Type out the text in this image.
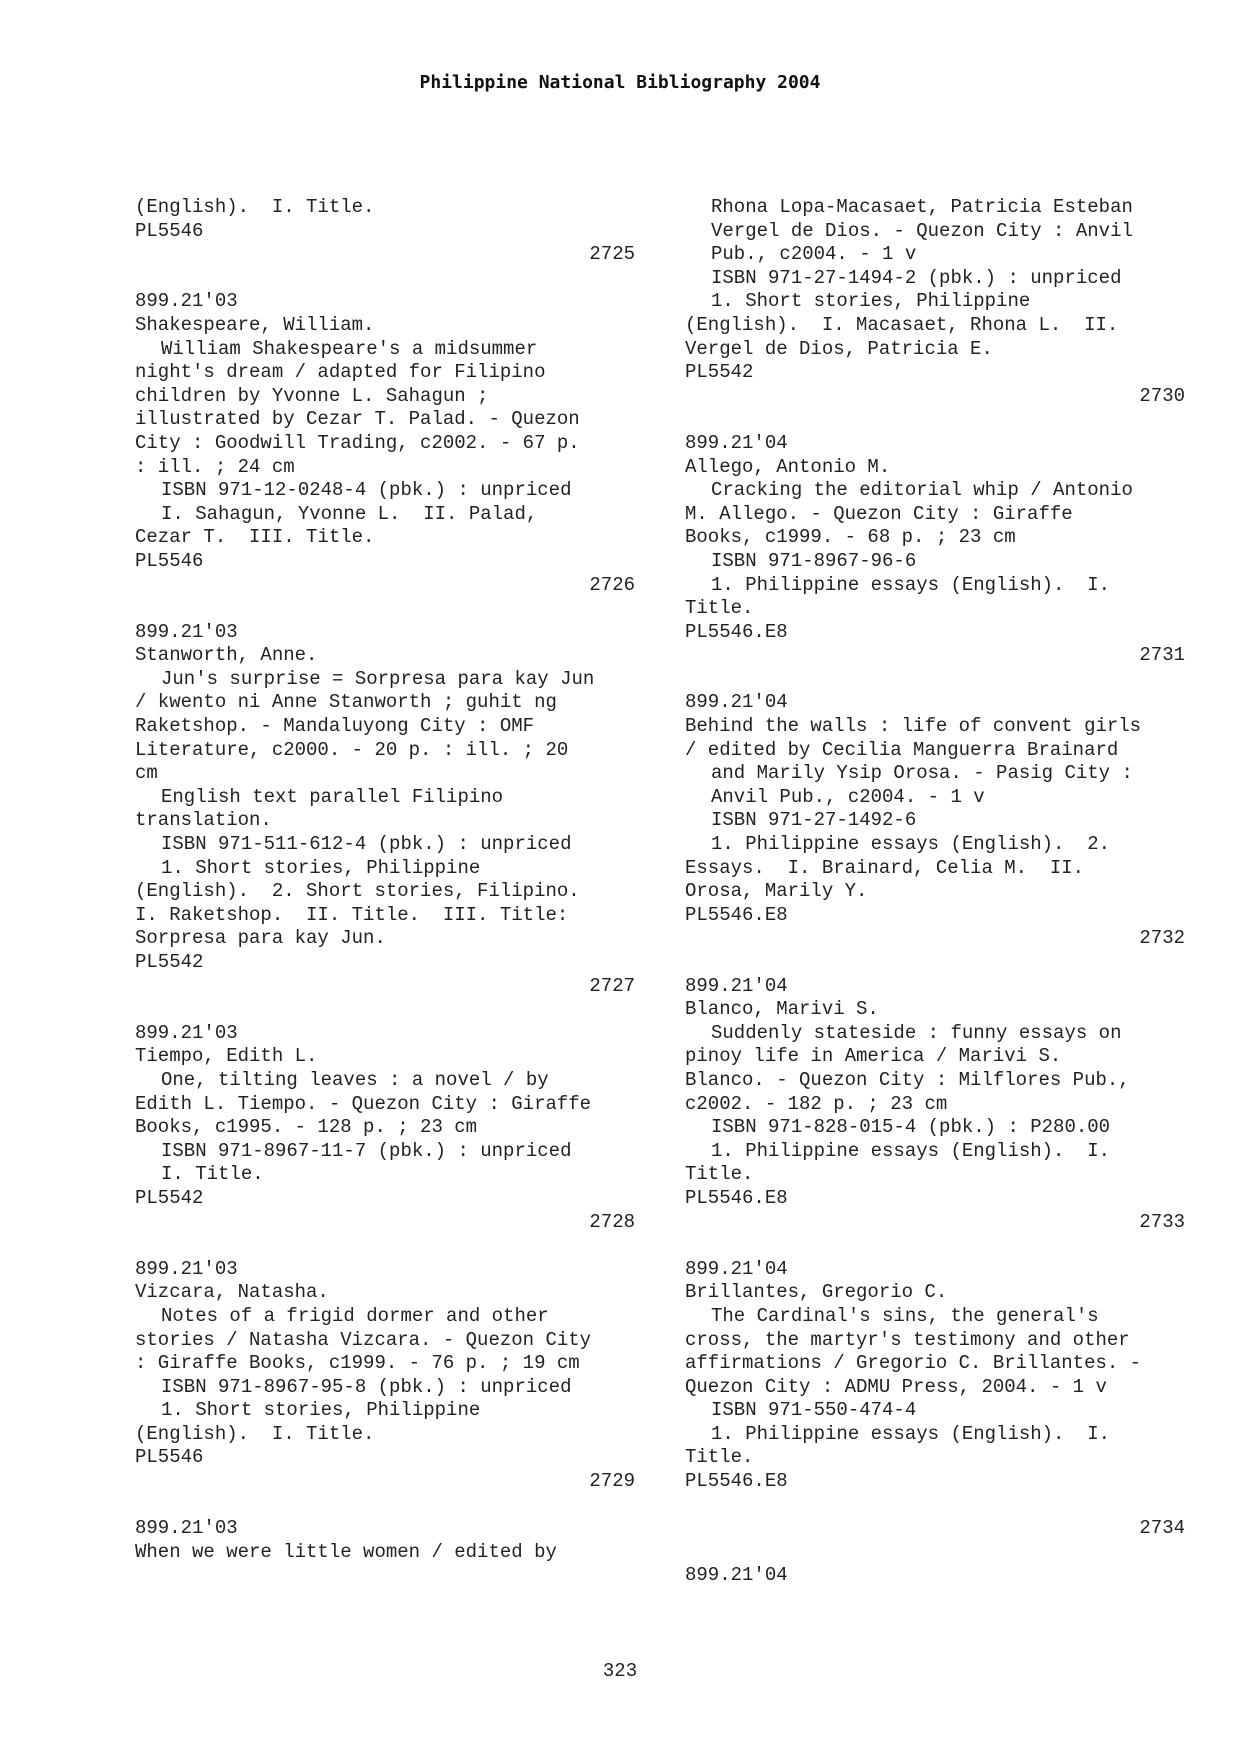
Philippine National Bibliography 2004
(English).  I. Title.
PL5546
2725
899.21'03
Shakespeare, William.
William Shakespeare's a midsummer
night's dream / adapted for Filipino
children by Yvonne L. Sahagun ;
illustrated by Cezar T. Palad. - Quezon
City : Goodwill Trading, c2002. - 67 p.
: ill. ; 24 cm
ISBN 971-12-0248-4 (pbk.) : unpriced
I. Sahagun, Yvonne L.  II. Palad,
Cezar T.  III. Title.
PL5546
2726
899.21'03
Stanworth, Anne.
Jun's surprise = Sorpresa para kay Jun
/ kwento ni Anne Stanworth ; guhit ng
Raketshop. - Mandaluyong City : OMF
Literature, c2000. - 20 p. : ill. ; 20
cm
English text parallel Filipino
translation.
ISBN 971-511-612-4 (pbk.) : unpriced
1. Short stories, Philippine
(English).  2. Short stories, Filipino.
I. Raketshop.  II. Title.  III. Title:
Sorpresa para kay Jun.
PL5542
2727
899.21'03
Tiempo, Edith L.
One, tilting leaves : a novel / by
Edith L. Tiempo. - Quezon City : Giraffe
Books, c1995. - 128 p. ; 23 cm
ISBN 971-8967-11-7 (pbk.) : unpriced
I. Title.
PL5542
2728
899.21'03
Vizcara, Natasha.
Notes of a frigid dormer and other
stories / Natasha Vizcara. - Quezon City
: Giraffe Books, c1999. - 76 p. ; 19 cm
ISBN 971-8967-95-8 (pbk.) : unpriced
1. Short stories, Philippine
(English).  I. Title.
PL5546
2729
899.21'03
When we were little women / edited by
Rhona Lopa-Macasaet, Patricia Esteban
Vergel de Dios. - Quezon City : Anvil
Pub., c2004. - 1 v
ISBN 971-27-1494-2 (pbk.) : unpriced
1. Short stories, Philippine
(English).  I. Macasaet, Rhona L.  II.
Vergel de Dios, Patricia E.
PL5542
2730
899.21'04
Allego, Antonio M.
Cracking the editorial whip / Antonio
M. Allego. - Quezon City : Giraffe
Books, c1999. - 68 p. ; 23 cm
ISBN 971-8967-96-6
1. Philippine essays (English).  I.
Title.
PL5546.E8
2731
899.21'04
Behind the walls : life of convent girls
/ edited by Cecilia Manguerra Brainard
and Marily Ysip Orosa. - Pasig City :
Anvil Pub., c2004. - 1 v
ISBN 971-27-1492-6
1. Philippine essays (English).  2.
Essays.  I. Brainard, Celia M.  II.
Orosa, Marily Y.
PL5546.E8
2732
899.21'04
Blanco, Marivi S.
Suddenly stateside : funny essays on
pinoy life in America / Marivi S.
Blanco. - Quezon City : Milflores Pub.,
c2002. - 182 p. ; 23 cm
ISBN 971-828-015-4 (pbk.) : P280.00
1. Philippine essays (English).  I.
Title.
PL5546.E8
2733
899.21'04
Brillantes, Gregorio C.
The Cardinal's sins, the general's
cross, the martyr's testimony and other
affirmations / Gregorio C. Brillantes. -
Quezon City : ADMU Press, 2004. - 1 v
ISBN 971-550-474-4
1. Philippine essays (English).  I.
Title.
PL5546.E8
2734
899.21'04
323
